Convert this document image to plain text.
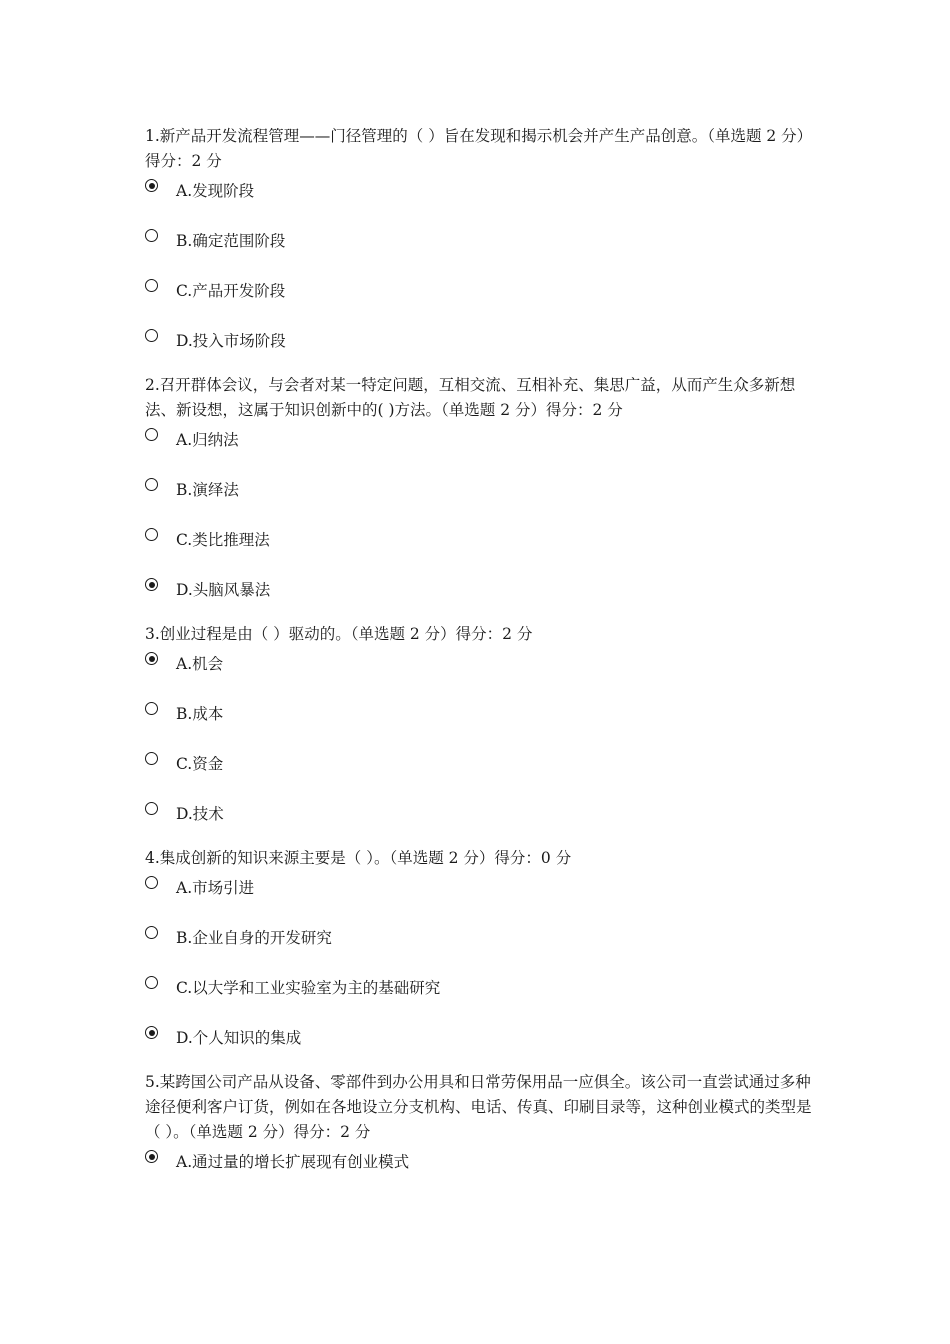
1.新产品开发流程管理——门径管理的（ ）旨在发现和揭示机会并产生产品创意。（单选题 2 分）得分：2 分

A.发现阶段
B.确定范围阶段
C.产品开发阶段
D.投入市场阶段

2.召开群体会议，与会者对某一特定问题，互相交流、互相补充、集思广益，从而产生众多新想法、新设想，这属于知识创新中的( )方法。（单选题 2 分）得分：2 分

A.归纳法
B.演绎法
C.类比推理法
D.头脑风暴法

3.创业过程是由（ ）驱动的。（单选题 2 分）得分：2 分

A.机会
B.成本
C.资金
D.技术

4.集成创新的知识来源主要是（ ）。（单选题 2 分）得分：0 分

A.市场引进
B.企业自身的开发研究
C.以大学和工业实验室为主的基础研究
D.个人知识的集成

5.某跨国公司产品从设备、零部件到办公用具和日常劳保用品一应俱全。该公司一直尝试通过多种途径便利客户订货，例如在各地设立分支机构、电话、传真、印刷目录等，这种创业模式的类型是（ ）。（单选题 2 分）得分：2 分

A.通过量的增长扩展现有创业模式
